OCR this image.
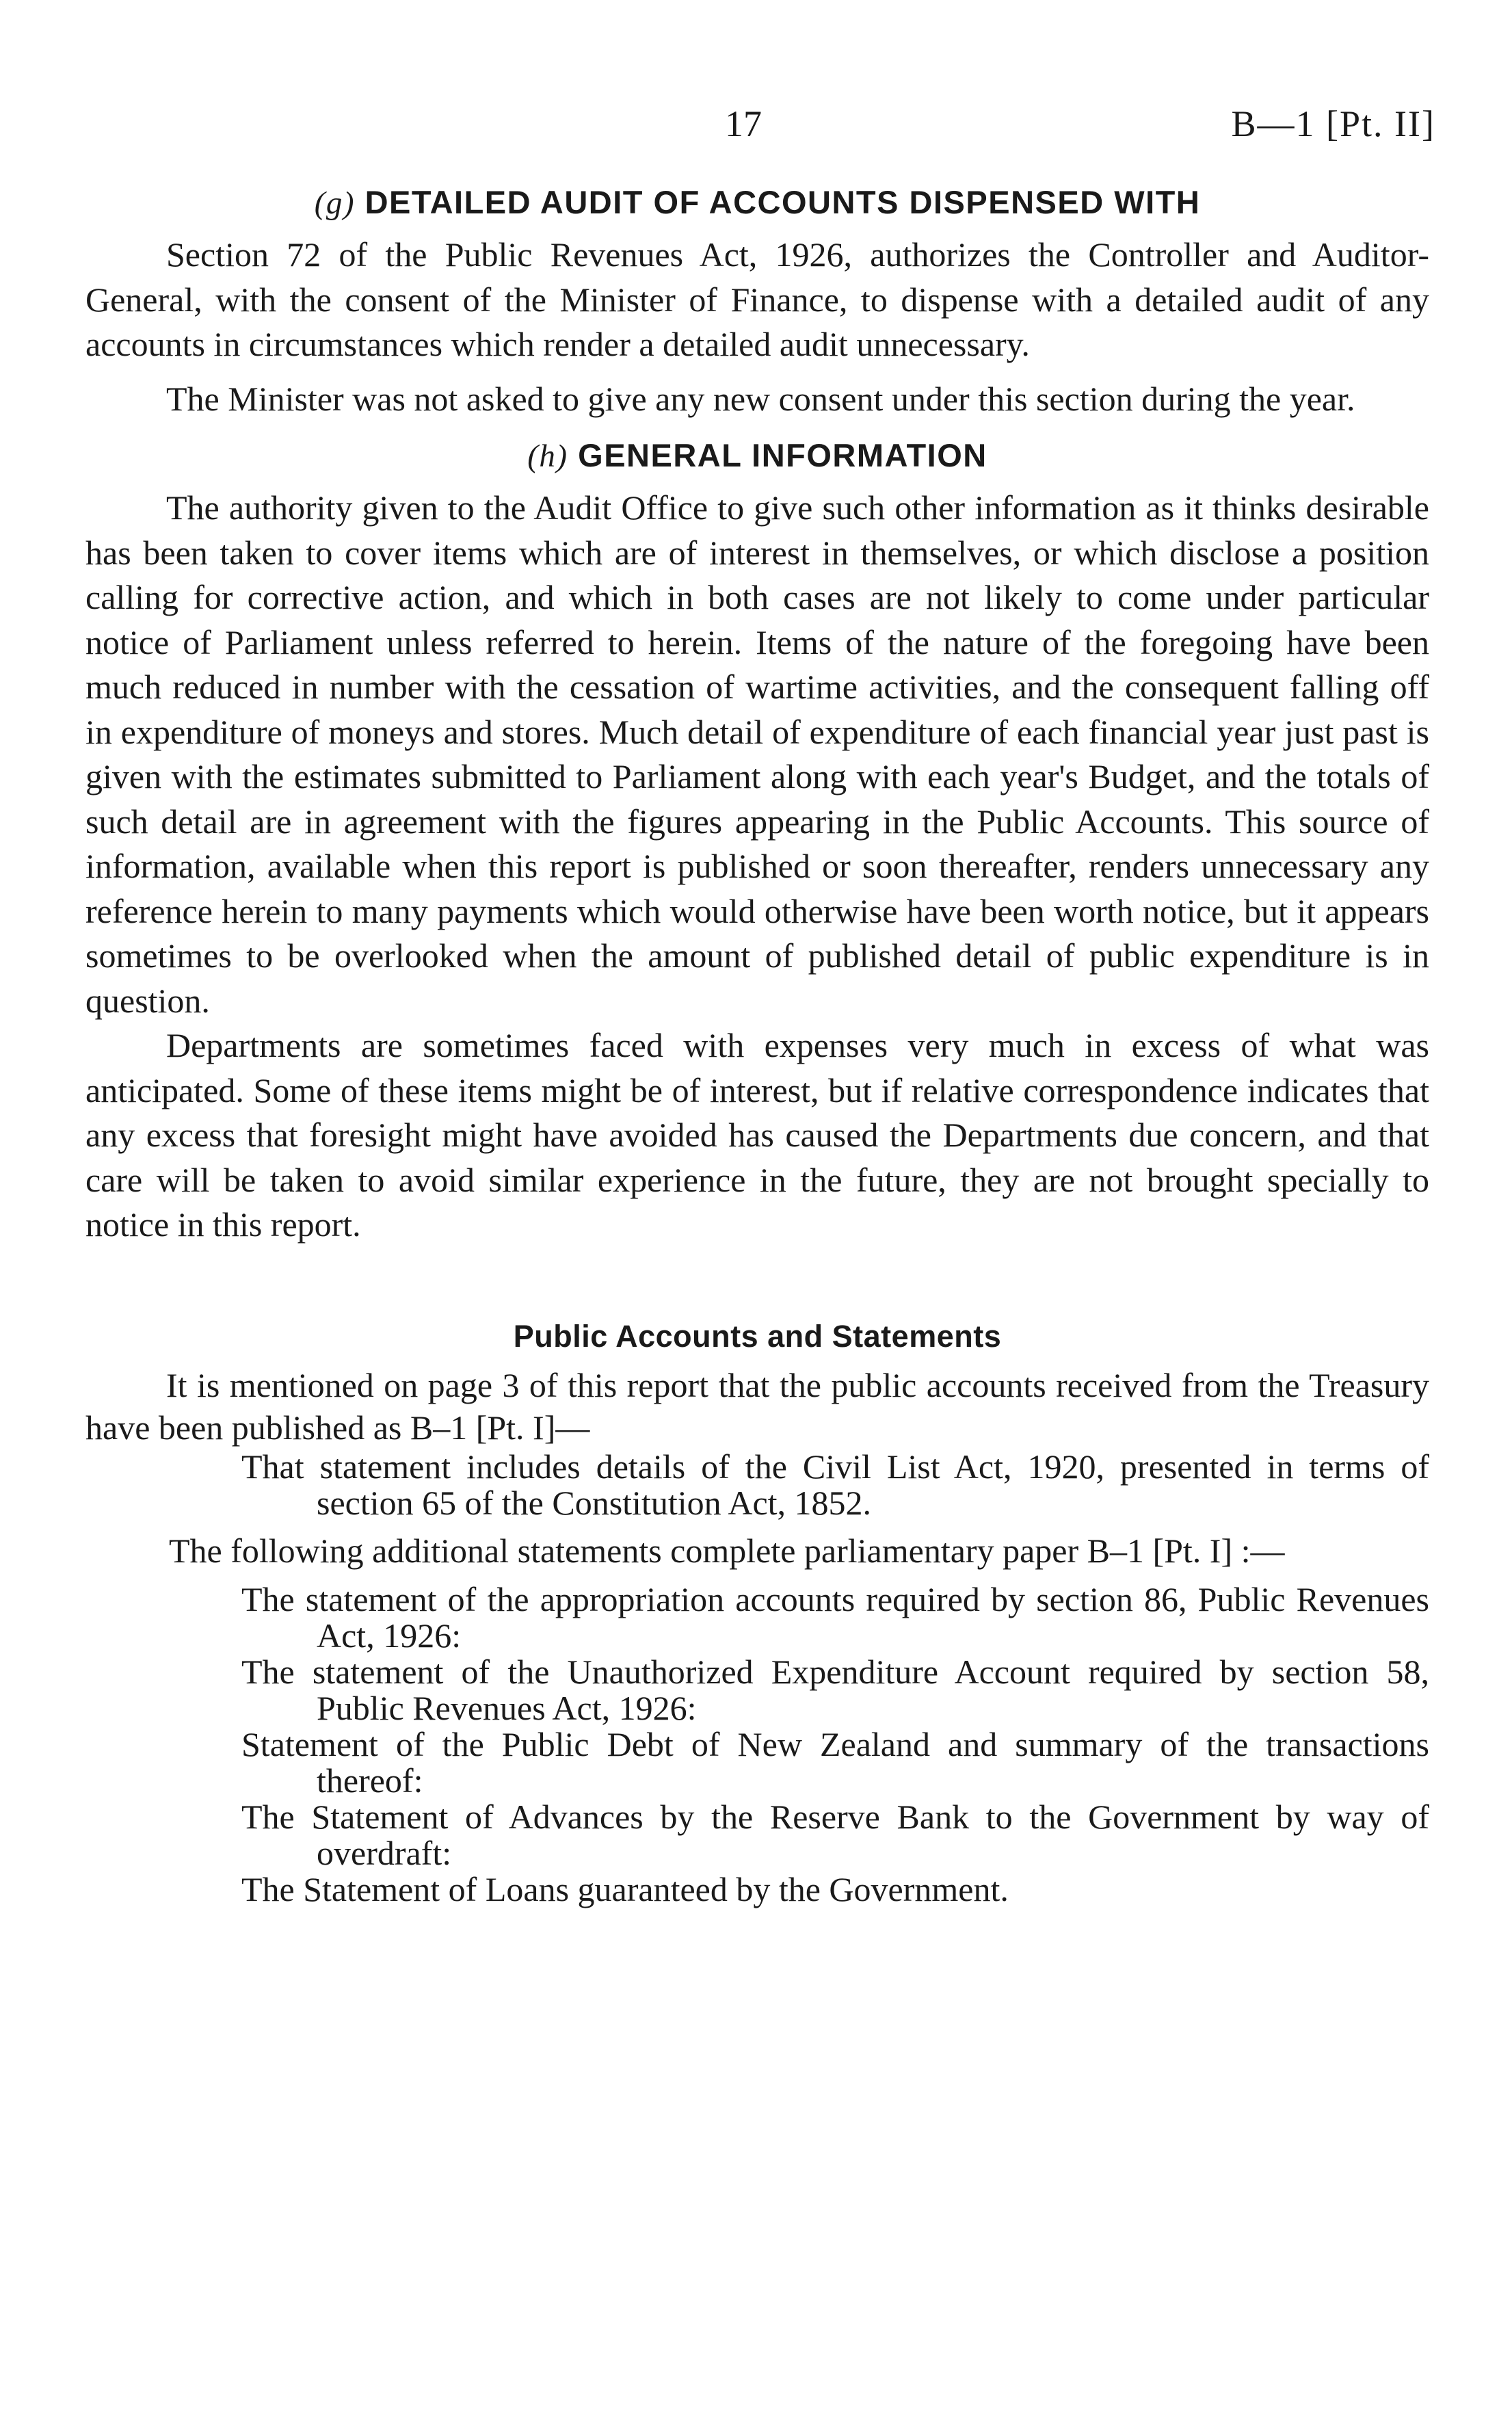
17	B—1 [Pt. II]
(g) DETAILED AUDIT OF ACCOUNTS DISPENSED WITH

Section 72 of the Public Revenues Act, 1926, authorizes the Controller and Auditor-General, with the consent of the Minister of Finance, to dispense with a detailed audit of any accounts in circumstances which render a detailed audit unnecessary.

The Minister was not asked to give any new consent under this section during the year.

(h) GENERAL INFORMATION

The authority given to the Audit Office to give such other information as it thinks desirable has been taken to cover items which are of interest in themselves, or which disclose a position calling for corrective action, and which in both cases are not likely to come under particular notice of Parliament unless referred to herein. Items of the nature of the foregoing have been much reduced in number with the cessation of wartime activities, and the consequent falling off in expenditure of moneys and stores. Much detail of expenditure of each financial year just past is given with the estimates submitted to Parliament along with each year's Budget, and the totals of such detail are in agreement with the figures appearing in the Public Accounts. This source of information, available when this report is published or soon thereafter, renders unnecessary any reference herein to many payments which would otherwise have been worth notice, but it appears sometimes to be overlooked when the amount of published detail of public expenditure is in question.

Departments are sometimes faced with expenses very much in excess of what was anticipated. Some of these items might be of interest, but if relative correspondence indicates that any excess that foresight might have avoided has caused the Departments due concern, and that care will be taken to avoid similar experience in the future, they are not brought specially to notice in this report.

Public Accounts and Statements

It is mentioned on page 3 of this report that the public accounts received from the Treasury have been published as B–1 [Pt. I]—

That statement includes details of the Civil List Act, 1920, presented in terms of section 65 of the Constitution Act, 1852.

The following additional statements complete parliamentary paper B–1 [Pt. I] :—

The statement of the appropriation accounts required by section 86, Public Revenues Act, 1926:

The statement of the Unauthorized Expenditure Account required by section 58, Public Revenues Act, 1926:

Statement of the Public Debt of New Zealand and summary of the transactions thereof:

The Statement of Advances by the Reserve Bank to the Government by way of overdraft:

The Statement of Loans guaranteed by the Government.
